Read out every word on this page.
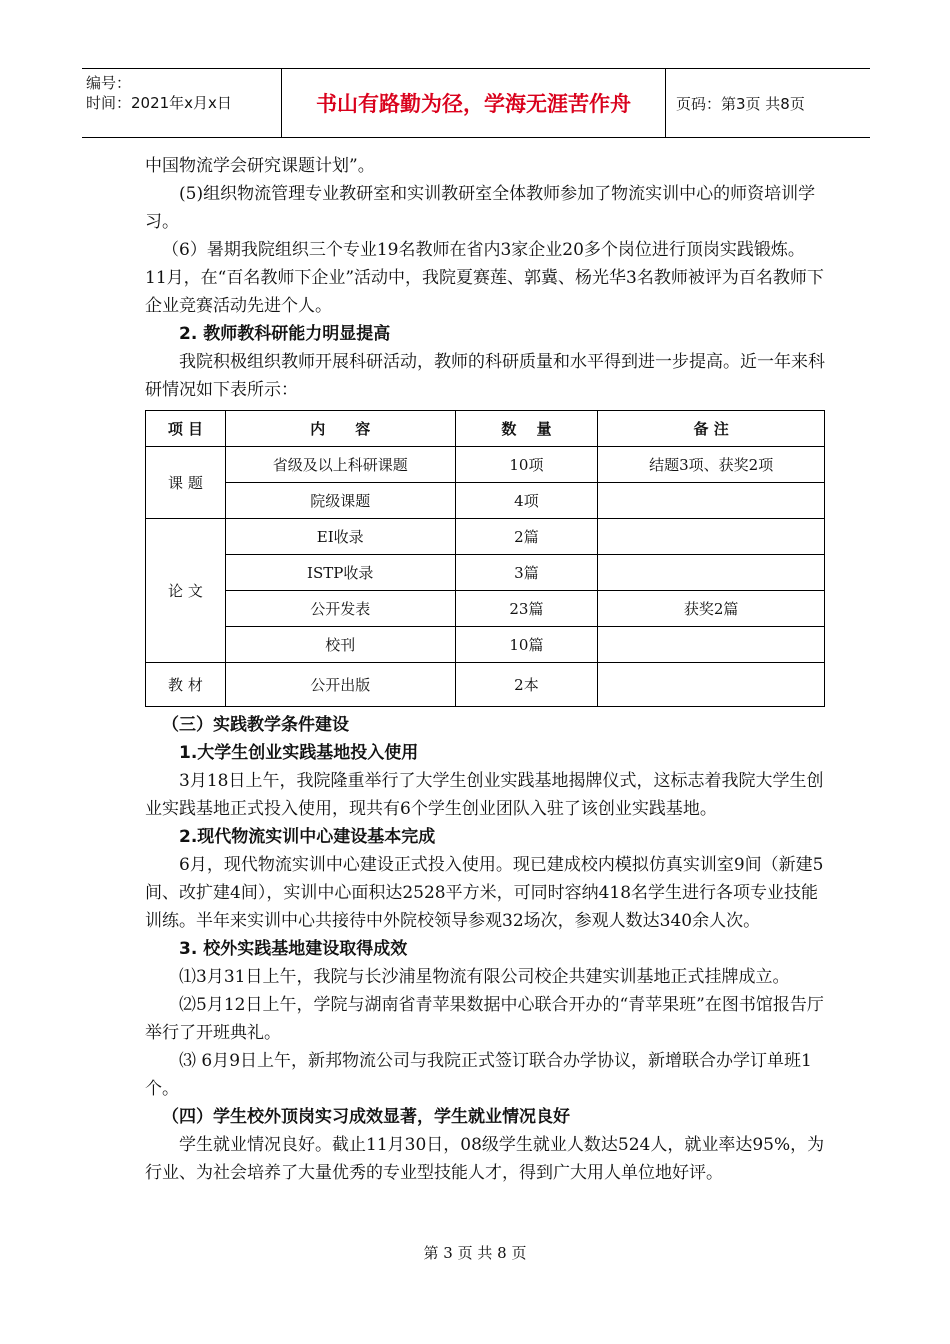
编号：
时间：2021年x月x日	书山有路勤为径，学海无涯苦作舟	页码：第3页 共8页

中国物流学会研究课题计划”。

(5)组织物流管理专业教研室和实训教研室全体教师参加了物流实训中心的师资培训学习。

（6）暑期我院组织三个专业19名教师在省内3家企业20多个岗位进行顶岗实践锻炼。11月，在“百名教师下企业”活动中，我院夏赛莲、郭冀、杨光华3名教师被评为百名教师下企业竞赛活动先进个人。

2. 教师教科研能力明显提高

我院积极组织教师开展科研活动，教师的科研质量和水平得到进一步提高。近一年来科研情况如下表所示：

项 目	内　　容	数　 量	备 注
课 题	省级及以上科研课题	10项	结题3项、获奖2项
	院级课题	4项	
论 文	EI收录	2篇	
	ISTP收录	3篇	
	公开发表	23篇	获奖2篇
	校刊	10篇	
教 材	公开出版	2本	

（三）实践教学条件建设

1.大学生创业实践基地投入使用

3月18日上午，我院隆重举行了大学生创业实践基地揭牌仪式，这标志着我院大学生创业实践基地正式投入使用，现共有6个学生创业团队入驻了该创业实践基地。

2.现代物流实训中心建设基本完成

6月，现代物流实训中心建设正式投入使用。现已建成校内模拟仿真实训室9间（新建5间、改扩建4间），实训中心面积达2528平方米，可同时容纳418名学生进行各项专业技能训练。半年来实训中心共接待中外院校领导参观32场次，参观人数达340余人次。

3. 校外实践基地建设取得成效

⑴3月31日上午，我院与长沙浦星物流有限公司校企共建实训基地正式挂牌成立。

⑵5月12日上午，学院与湖南省青苹果数据中心联合开办的“青苹果班”在图书馆报告厅举行了开班典礼。

⑶ 6月9日上午，新邦物流公司与我院正式签订联合办学协议，新增联合办学订单班1个。

（四）学生校外顶岗实习成效显著，学生就业情况良好

学生就业情况良好。截止11月30日，08级学生就业人数达524人，就业率达95%，为行业、为社会培养了大量优秀的专业型技能人才，得到广大用人单位地好评。

第 3 页 共 8 页
